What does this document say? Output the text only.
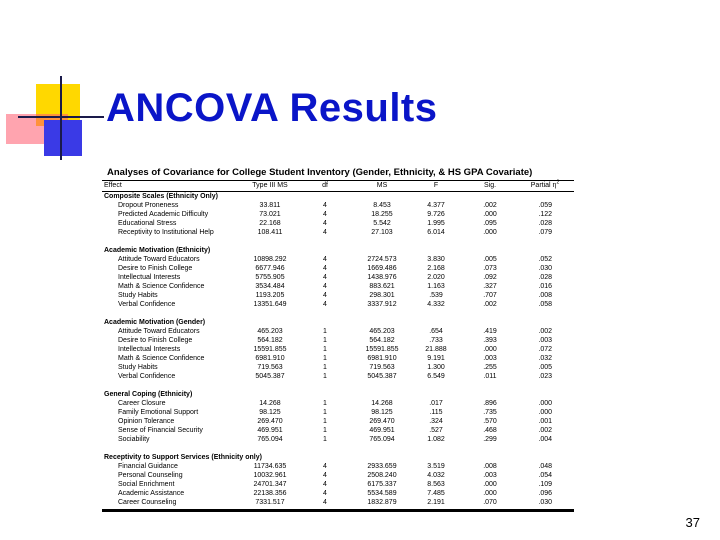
ANCOVA Results
Analyses of Covariance for College Student Inventory (Gender, Ethnicity, & HS GPA Covariate)
Effect	Type III MS	df	MS	F	Sig.	Partial $\eta^2$
Composite Scales (Ethnicity Only)
Dropout Proneness	33.811	4	8.453	4.377	.002	.059
Predicted Academic Difficulty	73.021	4	18.255	9.726	.000	.122
Educational Stress	22.168	4	5.542	1.995	.095	.028
Receptivity to Institutional Help	108.411	4	27.103	6.014	.000	.079
Academic Motivation (Ethnicity)
Attitude Toward Educators	10898.292	4	2724.573	3.830	.005	.052
Desire to Finish College	6677.946	4	1669.486	2.168	.073	.030
Intellectual Interests	5755.905	4	1438.976	2.020	.092	.028
Math & Science Confidence	3534.484	4	883.621	1.163	.327	.016
Study Habits	1193.205	4	298.301	.539	.707	.008
Verbal Confidence	13351.649	4	3337.912	4.332	.002	.058
Academic Motivation (Gender)
Attitude Toward Educators	465.203	1	465.203	.654	.419	.002
Desire to Finish College	564.182	1	564.182	.733	.393	.003
Intellectual Interests	15591.855	1	15591.855	21.888	.000	.072
Math & Science Confidence	6981.910	1	6981.910	9.191	.003	.032
Study Habits	719.563	1	719.563	1.300	.255	.005
Verbal Confidence	5045.387	1	5045.387	6.549	.011	.023
General Coping (Ethnicity)
Career Closure	14.268	1	14.268	.017	.896	.000
Family Emotional Support	98.125	1	98.125	.115	.735	.000
Opinion Tolerance	269.470	1	269.470	.324	.570	.001
Sense of Financial Security	469.951	1	469.951	.527	.468	.002
Sociability	765.094	1	765.094	1.082	.299	.004
Receptivity to Support Services (Ethnicity only)
Financial Guidance	11734.635	4	2933.659	3.519	.008	.048
Personal Counseling	10032.961	4	2508.240	4.032	.003	.054
Social Enrichment	24701.347	4	6175.337	8.563	.000	.109
Academic Assistance	22138.356	4	5534.589	7.485	.000	.096
Career Counseling	7331.517	4	1832.879	2.191	.070	.030
37
